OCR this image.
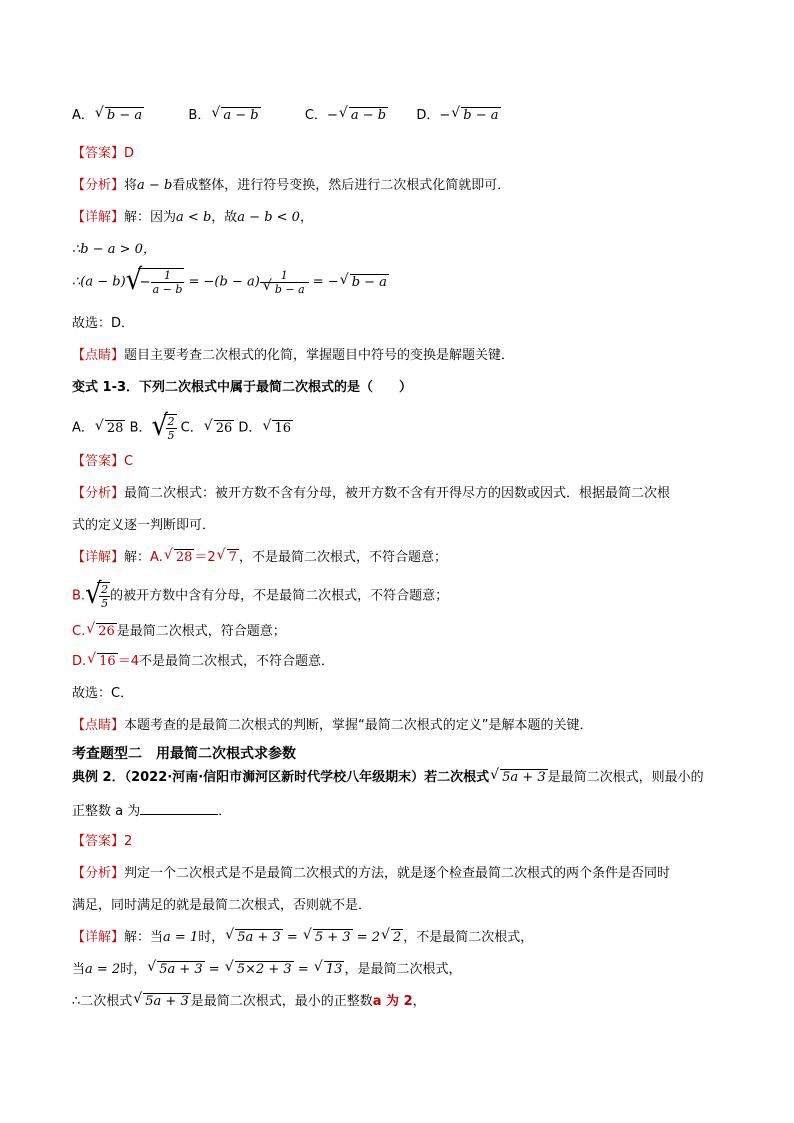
A．√ b − a	B．√ a − b	C．−√ a − b D．−√ b − a
【答案】D
【分析】将a − b看成整体，进行符号变换，然后进行二次根式化简就即可．
【详解】解：因为a < b，故a − b < 0，
∴b − a > 0，
∴(a − $b)√ - \frac{1}{a - b} = -(b - a)$ 1
√ b − a = −√ b − a
故选：D．
【点睛】题目主要考查二次根式的化简，掌握题目中符号的变换是解题关键．
变式 1-3．下列二次根式中属于最简二次根式的是（　　）
A．√ 28 B．
√ $\frac{2}{5}$ C．√ 26 D．√ 16
【答案】C
【分析】最简二次根式：被开方数不含有分母，被开方数不含有开得尽方的因数或因式．根据最简二次根
式的定义逐一判断即可．
【详解】解：A.√ 28 ＝2√ 7 ，不是最简二次根式，不符合题意；
B.
√ $\frac{2}{5}$ 的被开方数中含有分母，不是最简二次根式，不符合题意；
C.√ 26 是最简二次根式，符合题意；
D.√ 16 ＝4不是最简二次根式，不符合题意．
故选：C．
【点睛】本题考查的是最简二次根式的判断，掌握“最简二次根式的定义”是解本题的关键．
考查题型二　用最简二次根式求参数
典例 2．（2022·河南·信阳市浉河区新时代学校八年级期末）若二次根式√ 5a + 3 是最简二次根式，则最小的
正整数 a 为	．
【答案】2
【分析】判定一个二次根式是不是最简二次根式的方法，就是逐个检查最简二次根式的两个条件是否同时
满足，同时满足的就是最简二次根式，否则就不是．
【详解】解：当a = 1时，√ 5a + 3 = √ 5 + 3 = 2√ 2 ，不是最简二次根式，
当a = 2时，√ 5a + 3 = √ 5×2 + 3 = √ 13 ，是最简二次根式，
∴二次根式√ 5a + 3 是最简二次根式，最小的正整数a 为 2，
